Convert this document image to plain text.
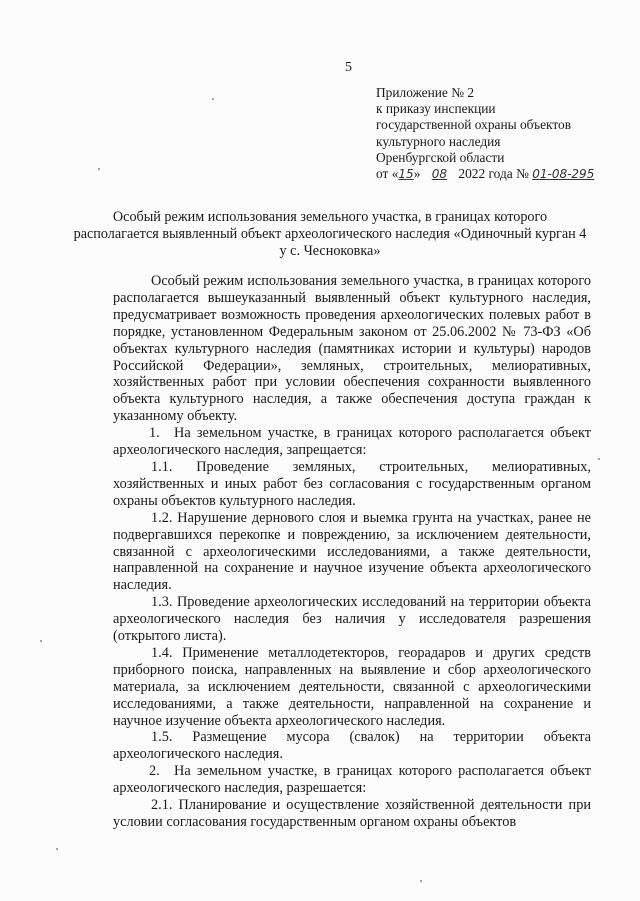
5
Приложение № 2
к приказу инспекции
государственной охраны объектов
культурного наследия
Оренбургской области
от «15» 08 2022 года № 01-08-295
Особый режим использования земельного участка, в границах которого располагается выявленный объект археологического наследия «Одиночный курган 4 у с. Чесноковка»

Особый режим использования земельного участка, в границах которого располагается вышеуказанный выявленный объект культурного наследия, предусматривает возможность проведения археологических полевых работ в порядке, установленном Федеральным законом от 25.06.2002 № 73-ФЗ «Об объектах культурного наследия (памятниках истории и культуры) народов Российской Федерации», земляных, строительных, мелиоративных, хозяйственных работ при условии обеспечения сохранности выявленного объекта культурного наследия, а также обеспечения доступа граждан к указанному объекту.

1. На земельном участке, в границах которого располагается объект археологического наследия, запрещается:

1.1. Проведение земляных, строительных, мелиоративных, хозяйственных и иных работ без согласования с государственным органом охраны объектов культурного наследия.

1.2. Нарушение дернового слоя и выемка грунта на участках, ранее не подвергавшихся перекопке и повреждению, за исключением деятельности, связанной с археологическими исследованиями, а также деятельности, направленной на сохранение и научное изучение объекта археологического наследия.

1.3. Проведение археологических исследований на территории объекта археологического наследия без наличия у исследователя разрешения (открытого листа).

1.4. Применение металлодетекторов, георадаров и других средств приборного поиска, направленных на выявление и сбор археологического материала, за исключением деятельности, связанной с археологическими исследованиями, а также деятельности, направленной на сохранение и научное изучение объекта археологического наследия.

1.5. Размещение мусора (свалок) на территории объекта археологического наследия.

2. На земельном участке, в границах которого располагается объект археологического наследия, разрешается:

2.1. Планирование и осуществление хозяйственной деятельности при условии согласования государственным органом охраны объектов
